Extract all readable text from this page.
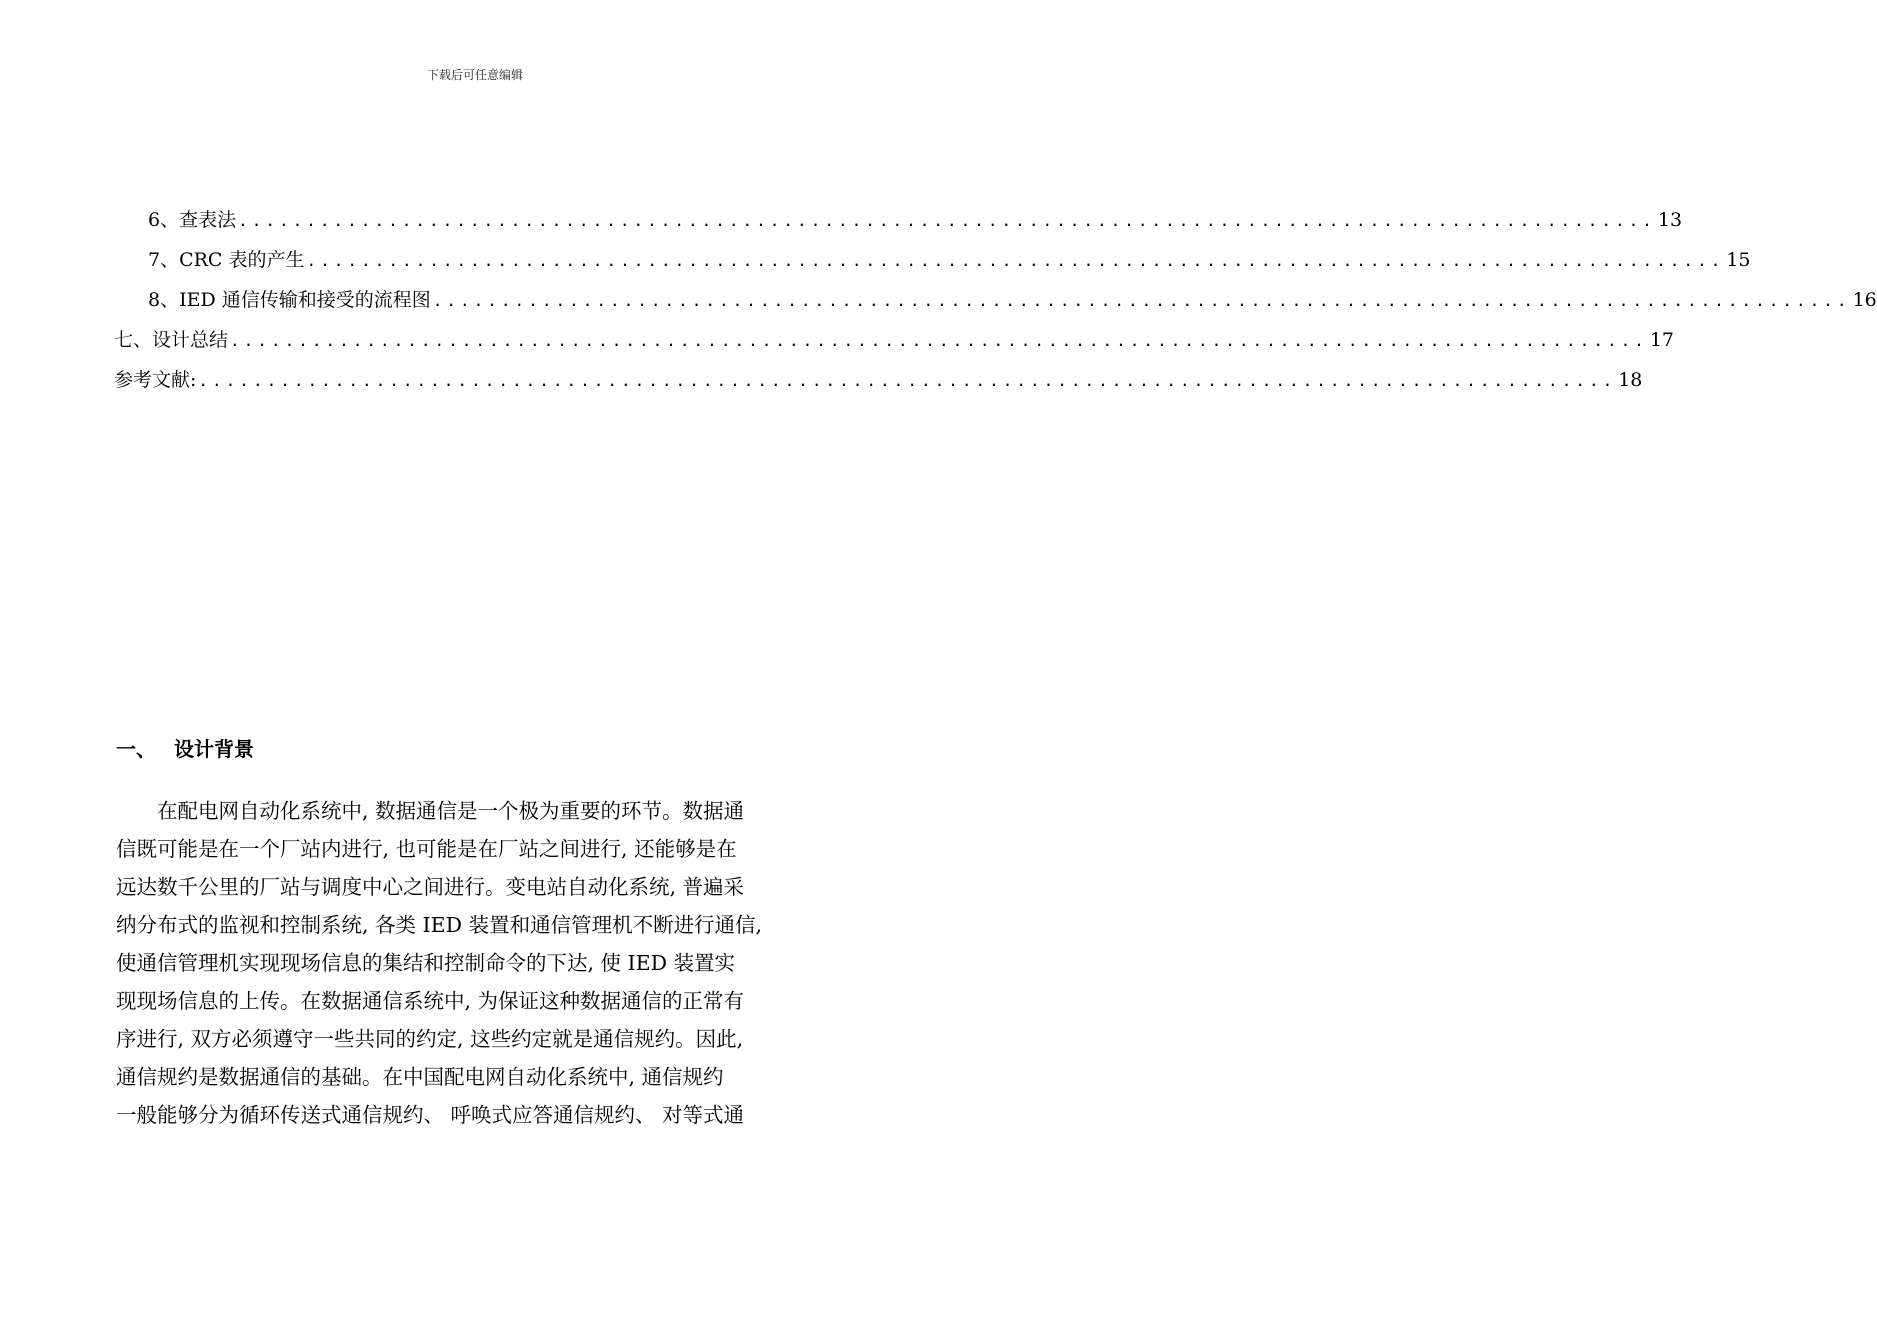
下载后可任意编辑
6、 查表法 ........................................................................................................ 13
7、 CRC 表的产生 ........................................................................................................ 15
8、 IED 通信传输和接受的流程图 ........................................................................................................ 16
七、 设计总结 ........................................................................................................ 17
参考文献: ........................................................................................................ 18
一、 设计背景
　　在配电网自动化系统中, 数据通信是一个极为重要的环节。数据通
信既可能是在一个厂站内进行, 也可能是在厂站之间进行, 还能够是在
远达数千公里的厂站与调度中心之间进行。变电站自动化系统, 普遍采
纳分布式的监视和控制系统, 各类 IED 装置和通信管理机不断进行通信,
使通信管理机实现现场信息的集结和控制命令的下达, 使 IED 装置实
现现场信息的上传。在数据通信系统中, 为保证这种数据通信的正常有
序进行, 双方必须遵守一些共同的约定, 这些约定就是通信规约。因此,
通信规约是数据通信的基础。在中国配电网自动化系统中, 通信规约
一般能够分为循环传送式通信规约、 呼唤式应答通信规约、 对等式通
